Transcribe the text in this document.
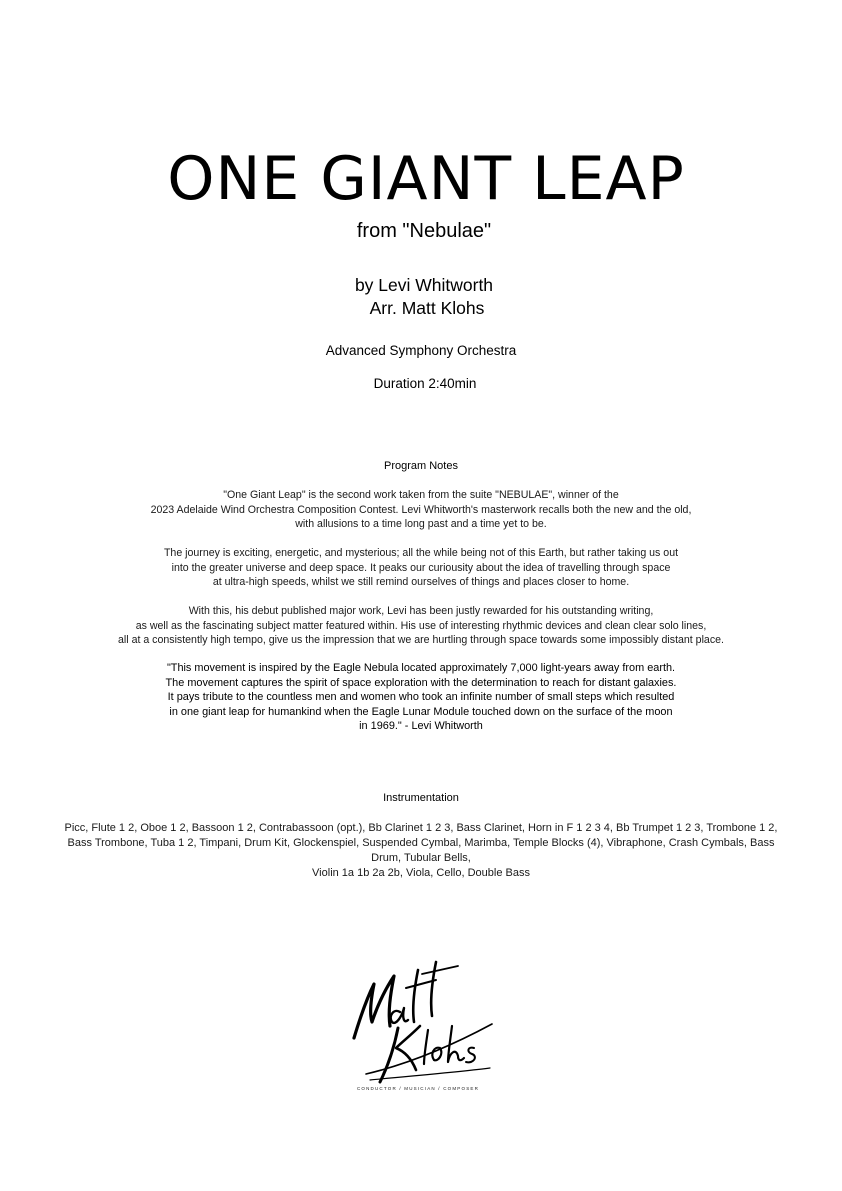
ONE GIANT LEAP
from "Nebulae"
by Levi Whitworth
Arr. Matt Klohs
Advanced Symphony Orchestra
Duration 2:40min
Program Notes
"One Giant Leap" is the second work taken from the suite "NEBULAE", winner of the
2023 Adelaide Wind Orchestra Composition Contest. Levi Whitworth's masterwork recalls both the new and the old,
with allusions to a time long past and a time yet to be.
The journey is exciting, energetic, and mysterious; all the while being not of this Earth, but rather taking us out
into the greater universe and deep space. It peaks our curiousity about the idea of travelling through space
at ultra-high speeds, whilst we still remind ourselves of things and places closer to home.
With this, his debut published major work, Levi has been justly rewarded for his outstanding writing,
as well as the fascinating subject matter featured within. His use of interesting rhythmic devices and clean clear solo lines,
all at a consistently high tempo, give us the impression that we are hurtling through space towards some impossibly distant place.
"This movement is inspired by the Eagle Nebula located approximately 7,000 light-years away from earth.
The movement captures the spirit of space exploration with the determination to reach for distant galaxies.
It pays tribute to the countless men and women who took an infinite number of small steps which resulted
in one giant leap for humankind when the Eagle Lunar Module touched down on the surface of the moon
in 1969." - Levi Whitworth
Instrumentation
Picc, Flute 1 2, Oboe 1 2, Bassoon 1 2, Contrabassoon (opt.), Bb Clarinet 1 2 3, Bass Clarinet, Horn in F 1 2 3 4, Bb Trumpet 1 2 3, Trombone 1 2,
Bass Trombone, Tuba 1 2, Timpani, Drum Kit, Glockenspiel, Suspended Cymbal, Marimba, Temple Blocks (4), Vibraphone, Crash Cymbals, Bass
Drum, Tubular Bells,
Violin 1a 1b 2a 2b, Viola, Cello, Double Bass
CONDUCTOR / MUSICIAN / COMPOSER
